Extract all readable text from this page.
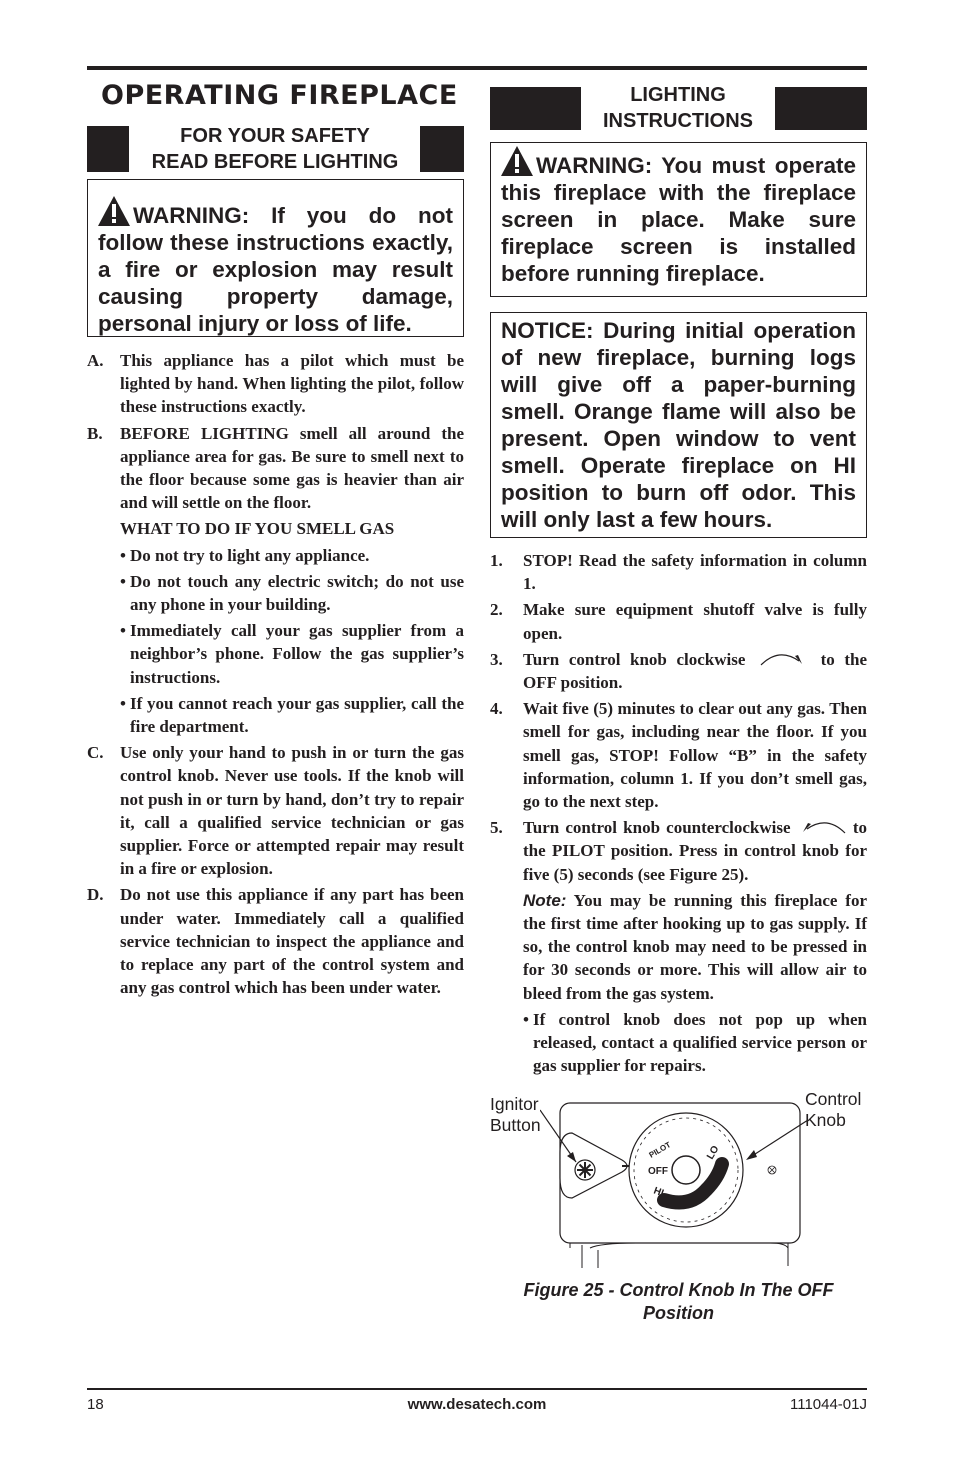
OPERATING FIREPLACE
FOR YOUR SAFETY
READ BEFORE LIGHTING
WARNING: If you do not follow these instructions exactly, a fire or explosion may result causing property damage, personal injury or loss of life.
A. This appliance has a pilot which must be lighted by hand. When lighting the pilot, follow these instructions exactly.
B. BEFORE LIGHTING smell all around the appliance area for gas. Be sure to smell next to the floor because some gas is heavier than air and will settle on the floor.
WHAT TO DO IF YOU SMELL GAS
• Do not try to light any appliance.
• Do not touch any electric switch; do not use any phone in your building.
• Immediately call your gas supplier from a neighbor’s phone. Follow the gas supplier’s instructions.
• If you cannot reach your gas supplier, call the fire department.
C. Use only your hand to push in or turn the gas control knob. Never use tools. If the knob will not push in or turn by hand, don’t try to repair it, call a qualified service technician or gas supplier. Force or attempted repair may result in a fire or explosion.
D. Do not use this appliance if any part has been under water. Immediately call a qualified service technician to inspect the appliance and to replace any part of the control system and any gas control which has been under water.
LIGHTING
INSTRUCTIONS
WARNING: You must operate this fireplace with the fireplace screen in place. Make sure fireplace screen is installed before running fireplace.
NOTICE: During initial operation of new fireplace, burning logs will give off a paper-burning smell. Orange flame will also be present. Open window to vent smell. Operate fireplace on HI position to burn off odor. This will only last a few hours.
1. STOP! Read the safety information in column 1.
2. Make sure equipment shutoff valve is fully open.
3. Turn control knob clockwise	to the OFF position.
4. Wait five (5) minutes to clear out any gas. Then smell for gas, including near the floor. If you smell gas, STOP! Follow “B” in the safety information, column 1. If you don’t smell gas, go to the next step.
5. Turn control knob counterclockwise	to the PILOT position. Press in control knob for five (5) seconds (see Figure 25).
Note: You may be running this fireplace for the first time after hooking up to gas supply. If so, the control knob may need to be pressed in for 30 seconds or more. This will allow air to bleed from the gas system.
• If control knob does not pop up when released, contact a qualified service person or gas supplier for repairs.
Ignitor
Button
Control
Knob
PILOT
OFF
HI
LO
Figure 25 - Control Knob In The OFF
Position
18	www.desatech.com	111044-01J
